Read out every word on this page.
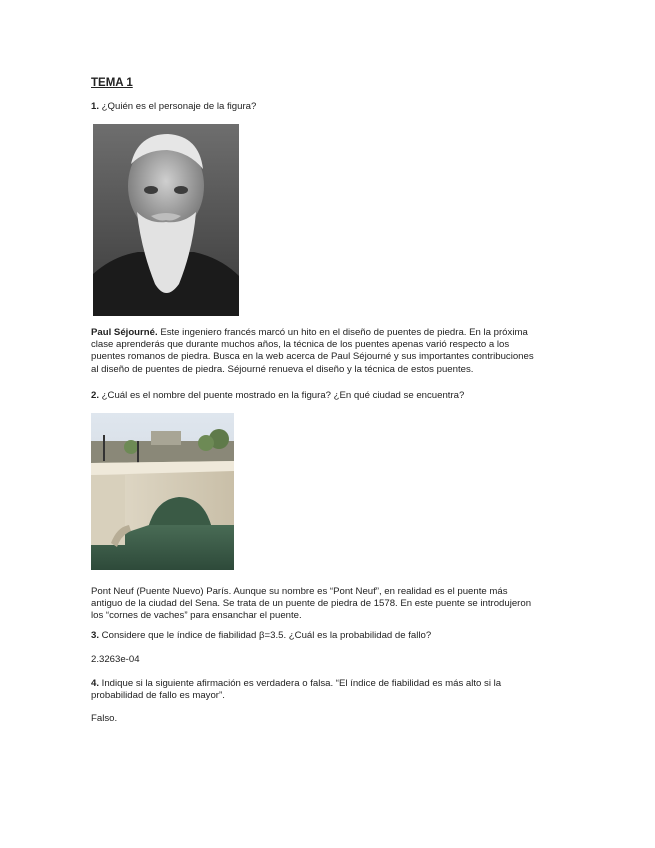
TEMA 1
1. ¿Quién es el personaje de la figura?
Paul Séjourné. Este ingeniero francés marcó un hito en el diseño de puentes de piedra. En la próxima
clase aprenderás que durante muchos años, la técnica de los puentes apenas varió respecto a los
puentes romanos de piedra. Busca en la web acerca de Paul Séjourné y sus importantes contribuciones
al diseño de puentes de piedra. Séjourné renueva el diseño y la técnica de estos puentes.
2. ¿Cuál es el nombre del puente mostrado en la figura? ¿En qué ciudad se encuentra?
Pont Neuf (Puente Nuevo) París. Aunque su nombre es “Pont Neuf”, en realidad es el puente más
antiguo de la ciudad del Sena. Se trata de un puente de piedra de 1578. En este puente se introdujeron
los “cornes de vaches” para ensanchar el puente.
3. Considere que le índice de fiabilidad β=3.5. ¿Cuál es la probabilidad de fallo?
2.3263e-04
4. Indique si la siguiente afirmación es verdadera o falsa. “El índice de fiabilidad es más alto si la
probabilidad de fallo es mayor”.
Falso.
